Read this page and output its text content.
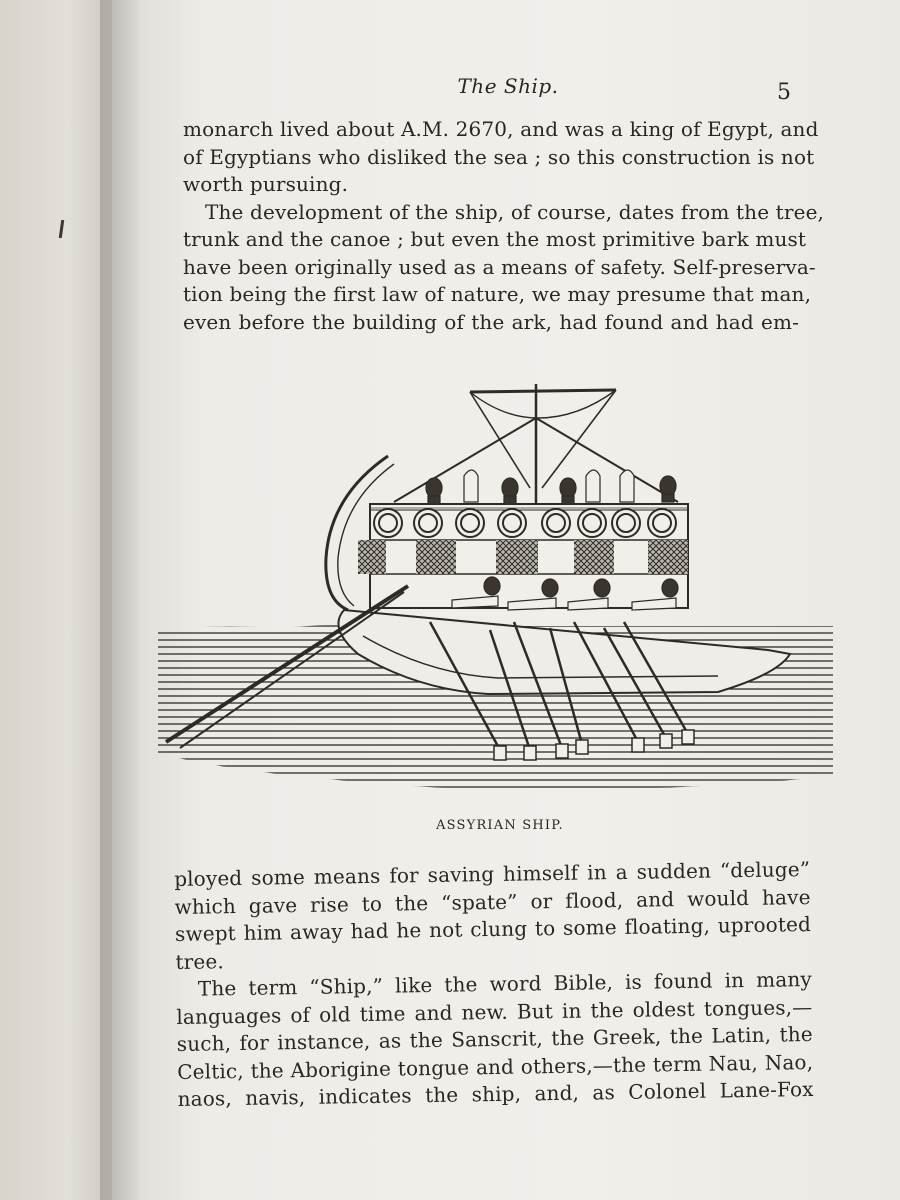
The Ship.	5
monarch lived about A.M. 2670, and was a king of Egypt, and
of Egyptians who disliked the sea ; so this construction is not
worth pursuing.
The development of the ship, of course, dates from the tree,
trunk and the canoe ; but even the most primitive bark must
have been originally used as a means of safety. Self-preserva-
tion being the first law of nature, we may presume that man,
even before the building of the ark, had found and had em-
ASSYRIAN SHIP.
ployed some means for saving himself in a sudden “deluge”
which gave rise to the “spate” or flood, and would have
swept him away had he not clung to some floating, uprooted
tree.
The term “Ship,” like the word Bible, is found in many
languages of old time and new. But in the oldest tongues,—
such, for instance, as the Sanscrit, the Greek, the Latin, the
Celtic, the Aborigine tongue and others,—the term Nau, Nao,
naos, navis, indicates the ship, and, as Colonel Lane-Fox
